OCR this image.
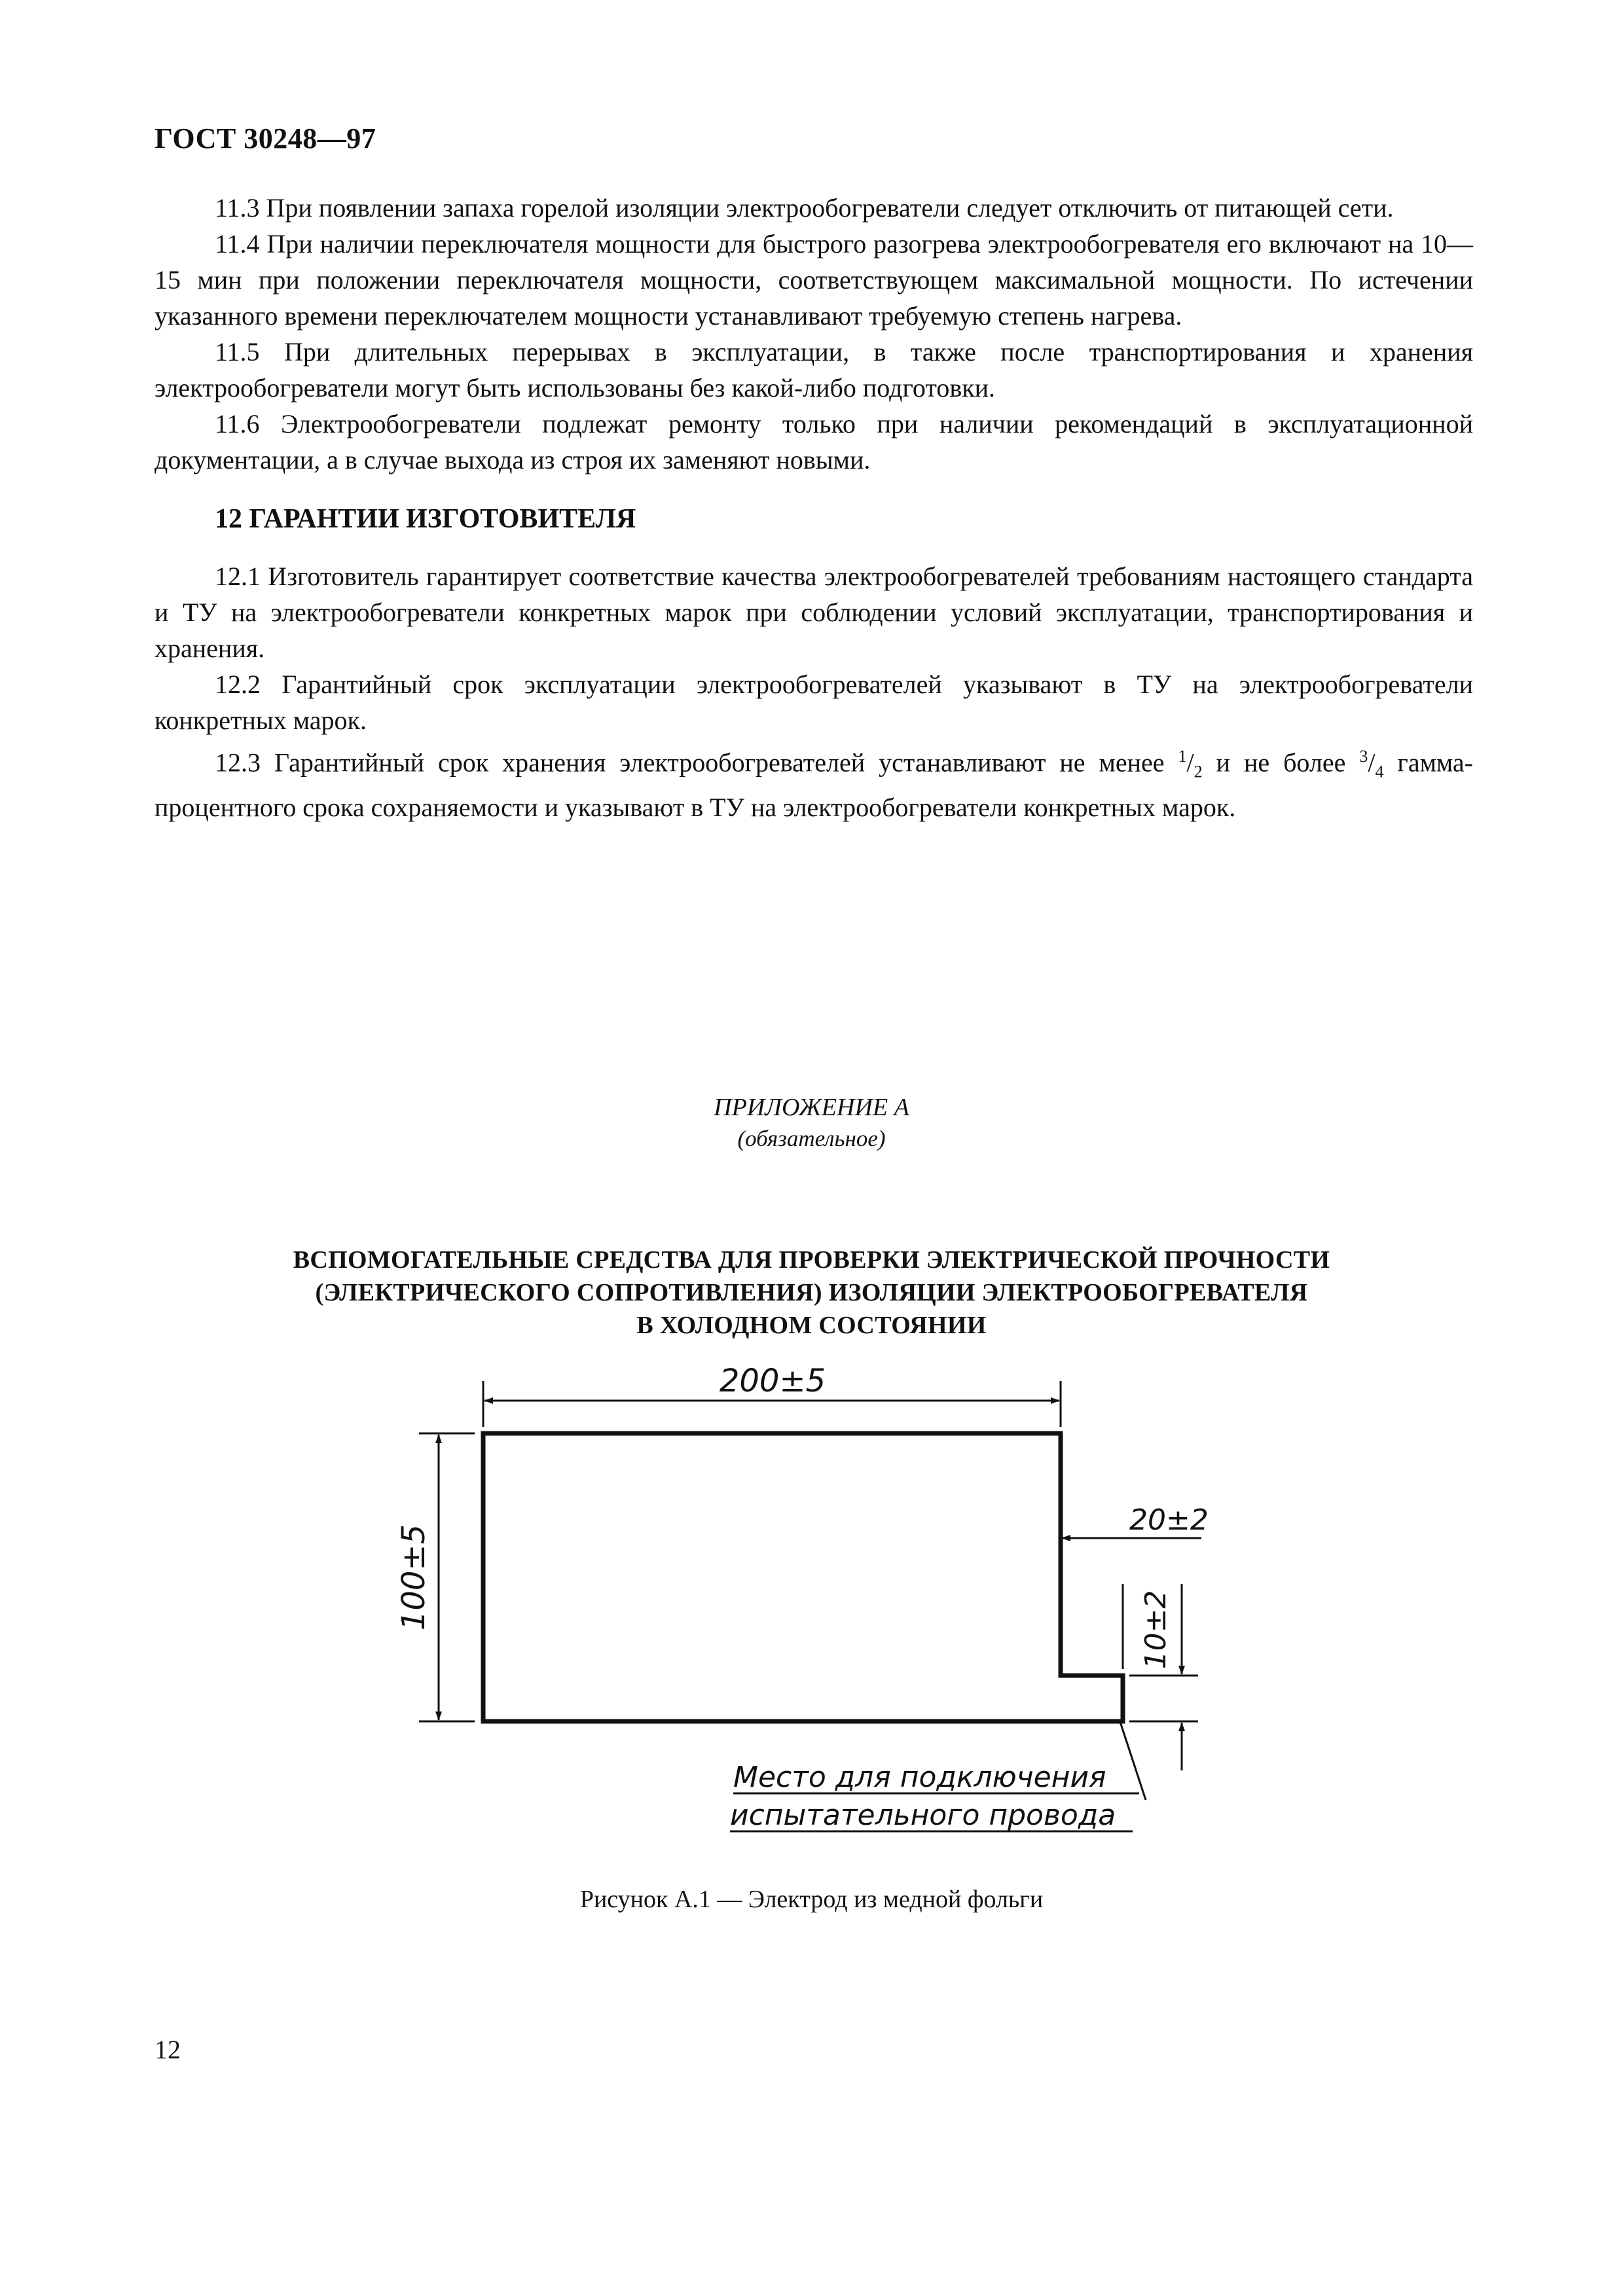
ГОСТ 30248—97

11.3 При появлении запаха горелой изоляции электрообогреватели следует отключить от питающей сети.

11.4 При наличии переключателя мощности для быстрого разогрева электрообогревателя его включают на 10—15 мин при положении переключателя мощности, соответствующем максимальной мощности. По истечении указанного времени переключателем мощности устанавливают требуемую степень нагрева.

11.5 При длительных перерывах в эксплуатации, в также после транспортирования и хранения электрообогреватели могут быть использованы без какой-либо подготовки.

11.6 Электрообогреватели подлежат ремонту только при наличии рекомендаций в эксплуатационной документации, а в случае выхода из строя их заменяют новыми.

12 ГАРАНТИИ ИЗГОТОВИТЕЛЯ

12.1 Изготовитель гарантирует соответствие качества электрообогревателей требованиям настоящего стандарта и ТУ на электрообогреватели конкретных марок при соблюдении условий эксплуатации, транспортирования и хранения.

12.2 Гарантийный срок эксплуатации электрообогревателей указывают в ТУ на электрообогреватели конкретных марок.

12.3 Гарантийный срок хранения электрообогревателей устанавливают не менее $^1/_2$ и не более $^3/_4$ гамма-процентного срока сохраняемости и указывают в ТУ на электрообогреватели конкретных марок.

ПРИЛОЖЕНИЕ А
(обязательное)
ВСПОМОГАТЕЛЬНЫЕ СРЕДСТВА ДЛЯ ПРОВЕРКИ ЭЛЕКТРИЧЕСКОЙ ПРОЧНОСТИ
(ЭЛЕКТРИЧЕСКОГО СОПРОТИВЛЕНИЯ) ИЗОЛЯЦИИ ЭЛЕКТРООБОГРЕВАТЕЛЯ
В ХОЛОДНОМ СОСТОЯНИИ
200±5
100±5
20±2
10±2
Место для подключения
испытательного провода
Рисунок А.1 — Электрод из медной фольги
12
